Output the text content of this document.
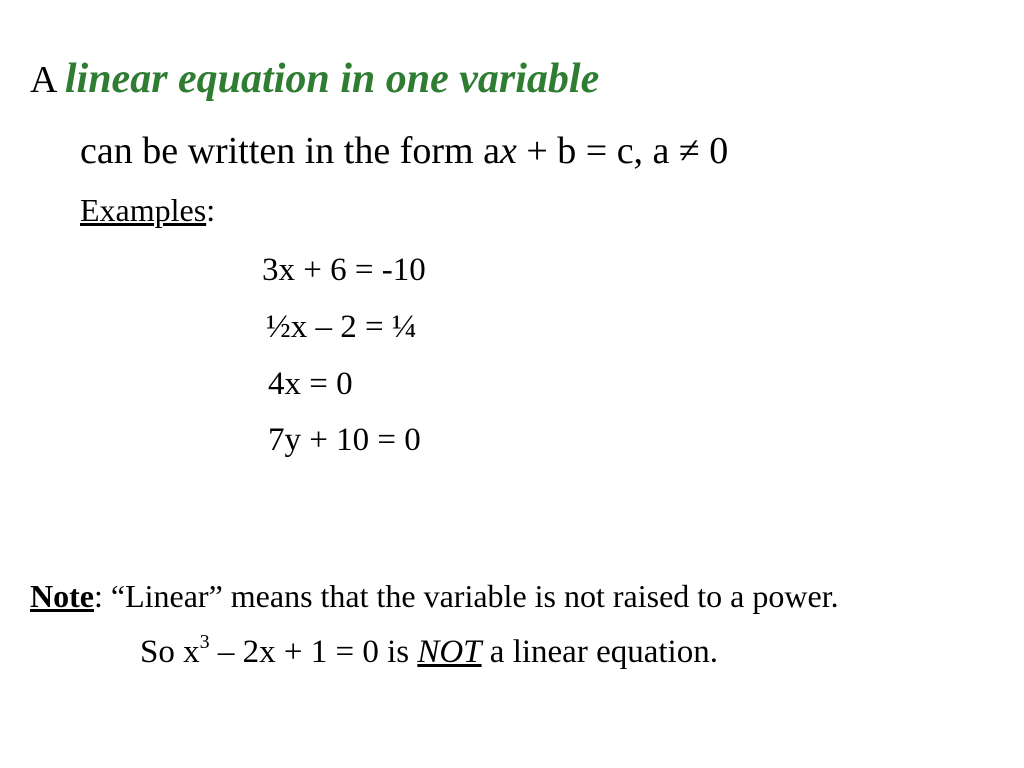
A linear equation in one variable
can be written in the form ax + b = c, a ≠ 0
Examples:
3x + 6 = -10
½x – 2 = ¼
4x = 0
7y + 10 = 0
Note: “Linear” means that the variable is not raised to a power.
So $x^3 - 2x + 1 = 0$ is NOT a linear equation.
